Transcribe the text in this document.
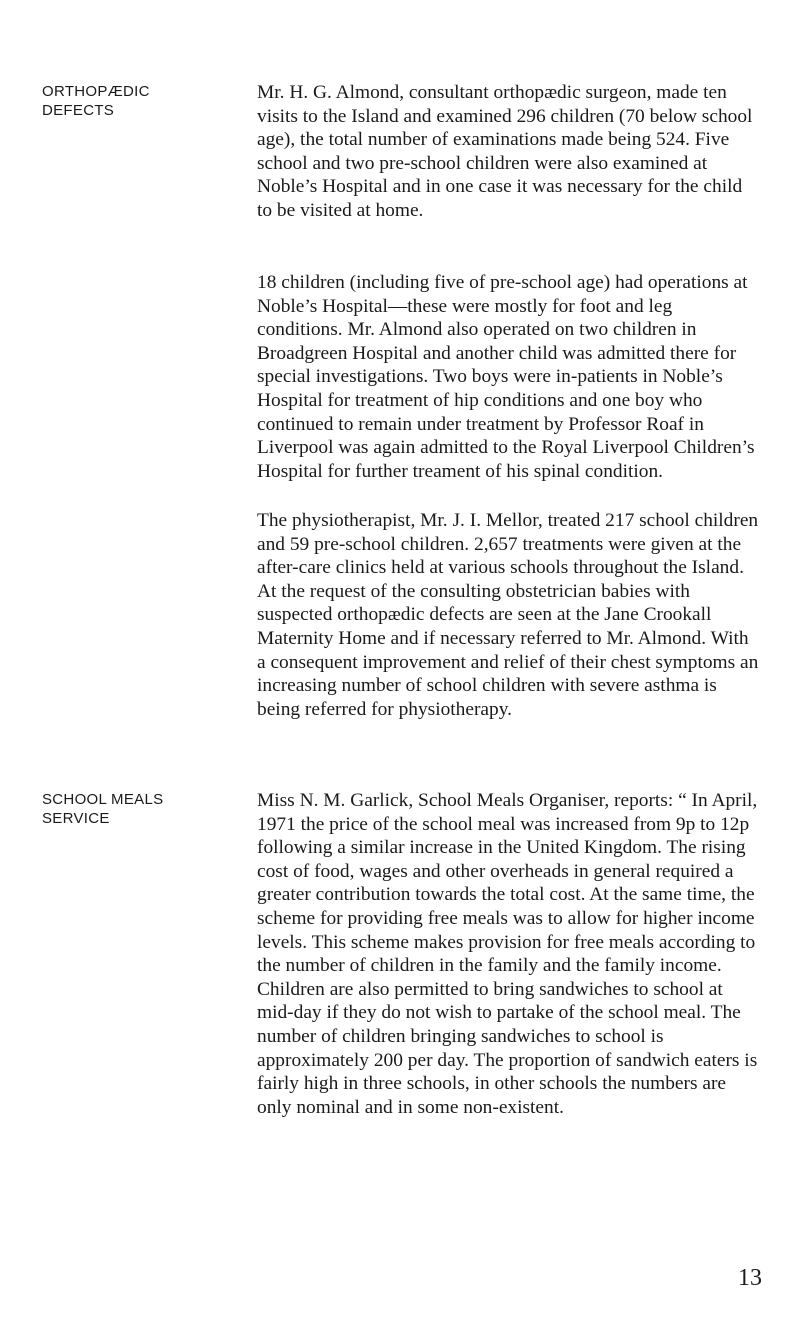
ORTHOPÆDIC
DEFECTS

Mr. H. G. Almond, consultant orthopædic surgeon, made ten visits to the Island and examined 296 children (70 below school age), the total number of examinations made being 524. Five school and two pre-school children were also examined at Noble’s Hospital and in one case it was necessary for the child to be visited at home.

18 children (including five of pre-school age) had operations at Noble’s Hospital—these were mostly for foot and leg conditions. Mr. Almond also operated on two children in Broadgreen Hospital and another child was admitted there for special investigations. Two boys were in-patients in Noble’s Hospital for treatment of hip conditions and one boy who continued to remain under treatment by Professor Roaf in Liverpool was again admitted to the Royal Liverpool Children’s Hospital for further treament of his spinal condition.

The physiotherapist, Mr. J. I. Mellor, treated 217 school children and 59 pre-school children. 2,657 treatments were given at the after-care clinics held at various schools throughout the Island. At the request of the consulting obstetrician babies with suspected orthopædic defects are seen at the Jane Crookall Maternity Home and if necessary referred to Mr. Almond. With a consequent improvement and relief of their chest symptoms an increasing number of school children with severe asthma is being referred for physiotherapy.

SCHOOL MEALS
SERVICE

Miss N. M. Garlick, School Meals Organiser, reports: “ In April, 1971 the price of the school meal was increased from 9p to 12p following a similar increase in the United Kingdom. The rising cost of food, wages and other overheads in general required a greater contribution towards the total cost. At the same time, the scheme for providing free meals was to allow for higher income levels. This scheme makes provision for free meals according to the number of children in the family and the family income. Children are also permitted to bring sandwiches to school at mid-day if they do not wish to partake of the school meal. The number of children bringing sandwiches to school is approximately 200 per day. The proportion of sandwich eaters is fairly high in three schools, in other schools the numbers are only nominal and in some non-existent.

13
